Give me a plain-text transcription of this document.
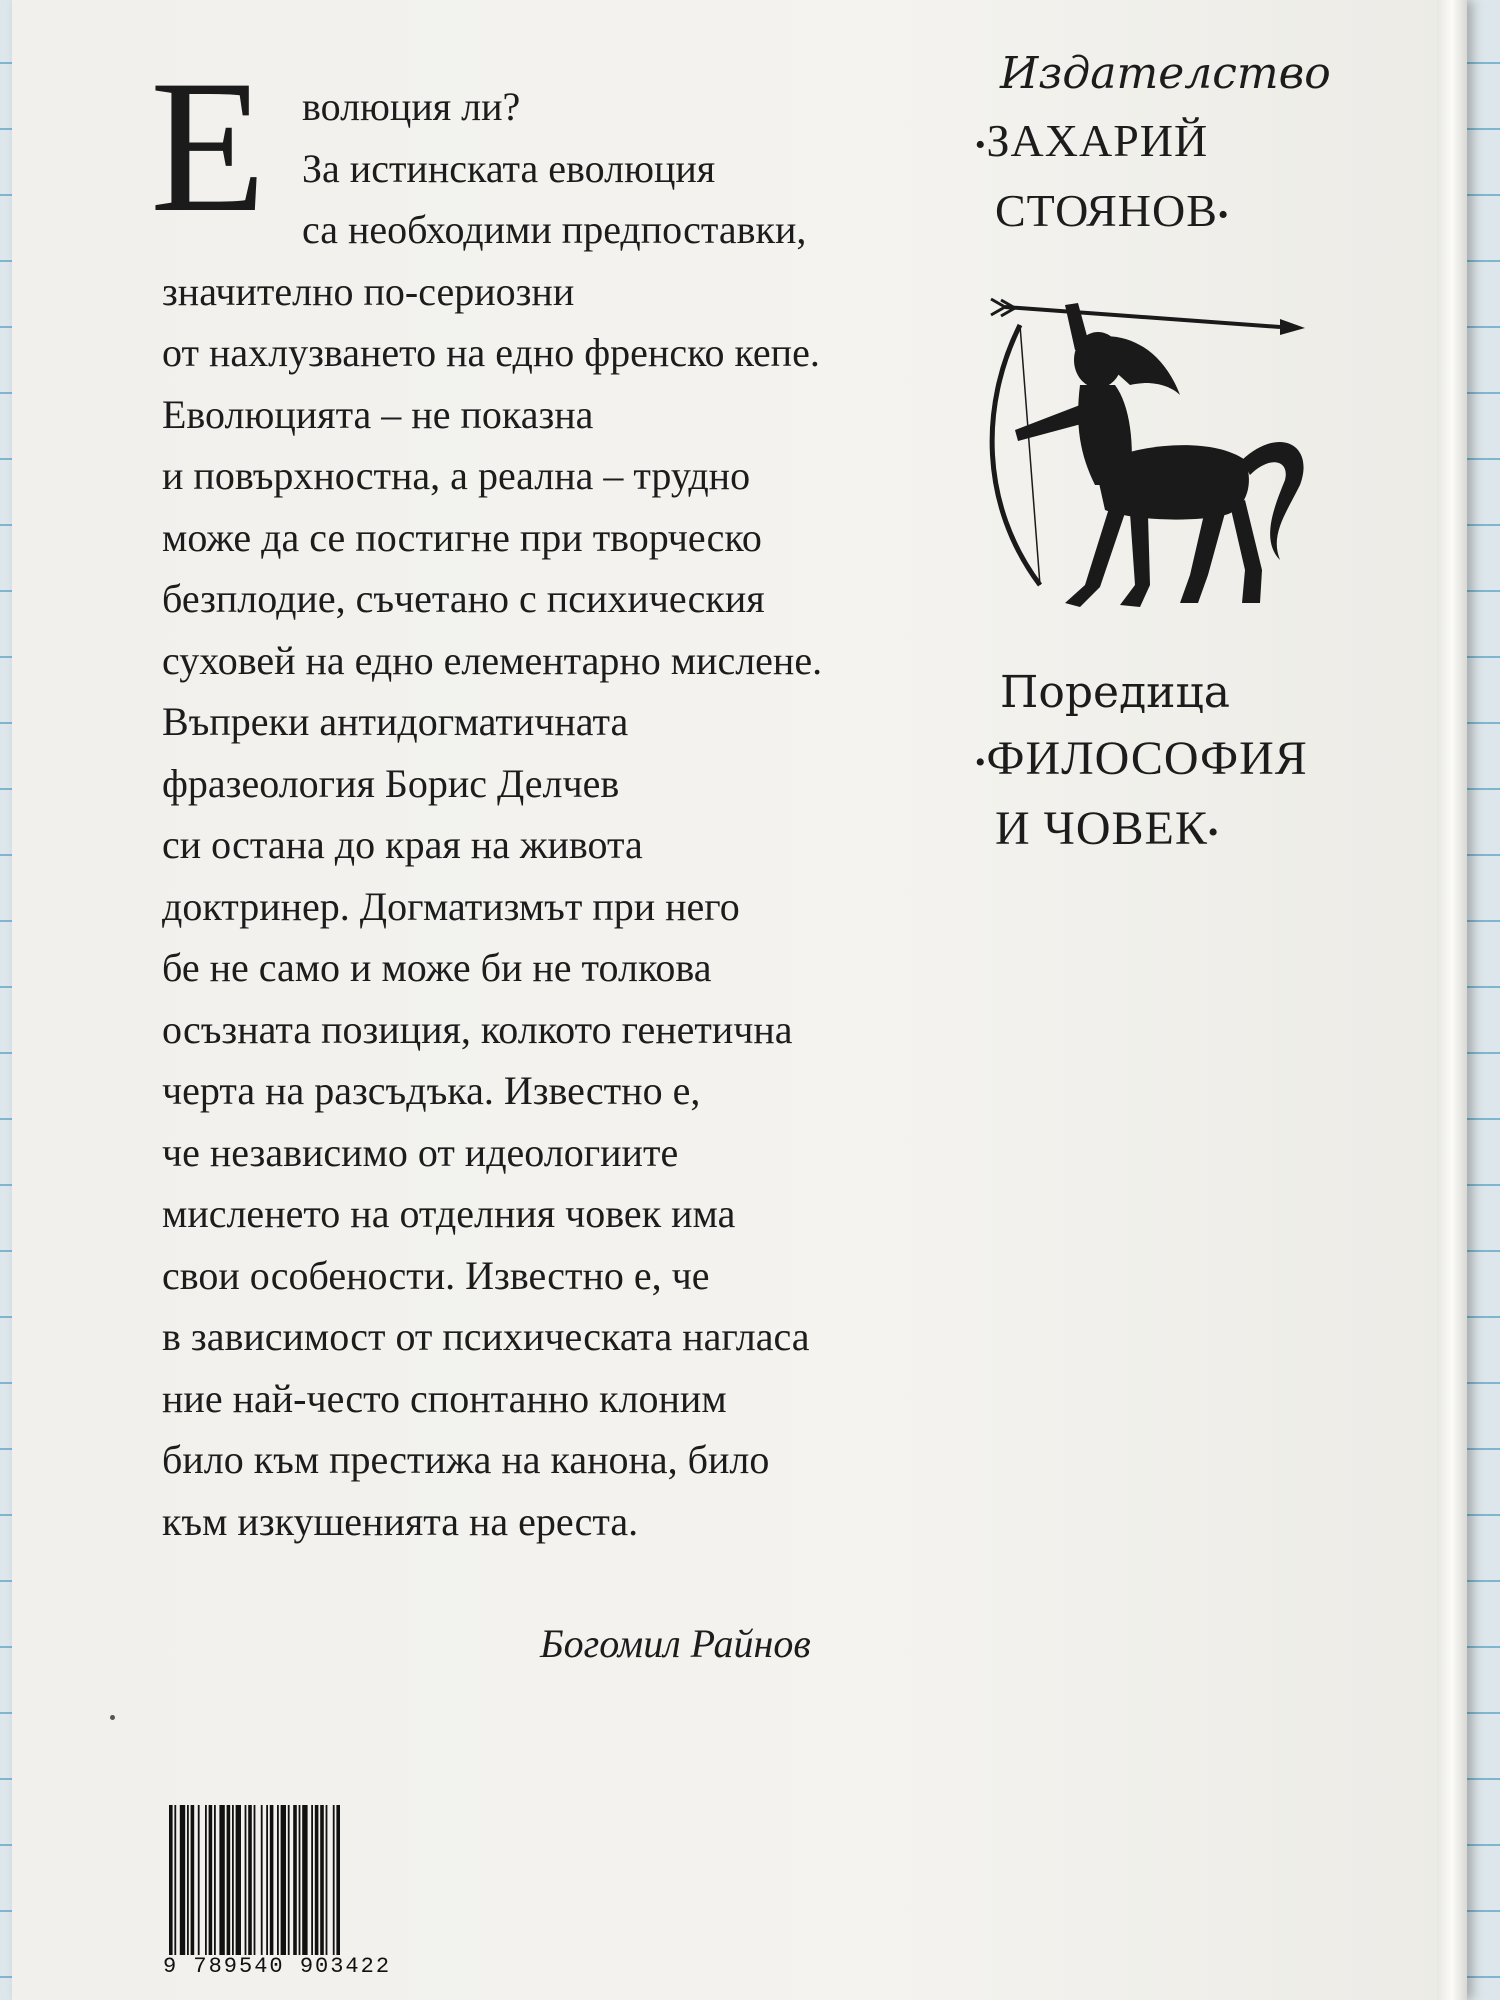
Е волюция ли?
За истинската еволюция
са необходими предпоставки,
значително по-сериозни
от нахлузването на едно френско кепе.
Еволюцията – не показна
и повърхностна, а реална – трудно
може да се постигне при творческо
безплодие, съчетано с психическия
суховей на едно елементарно мислене.
Въпреки антидогматичната
фразеология Борис Делчев
си остана до края на живота
доктринер. Догматизмът при него
бе не само и може би не толкова
осъзната позиция, колкото генетична
черта на разсъдъка. Известно е,
че независимо от идеологиите
мисленето на отделния човек има
свои особености. Известно е, че
в зависимост от психическата нагласа
ние най-често спонтанно клоним
било към престижа на канона, било
към изкушенията на ереста.
Богомил Райнов
Издателство
•ЗАХАРИЙ
СТОЯНОВ•
Поредица
•ФИЛОСОФИЯ
И ЧОВЕК•
9 789540 903422
